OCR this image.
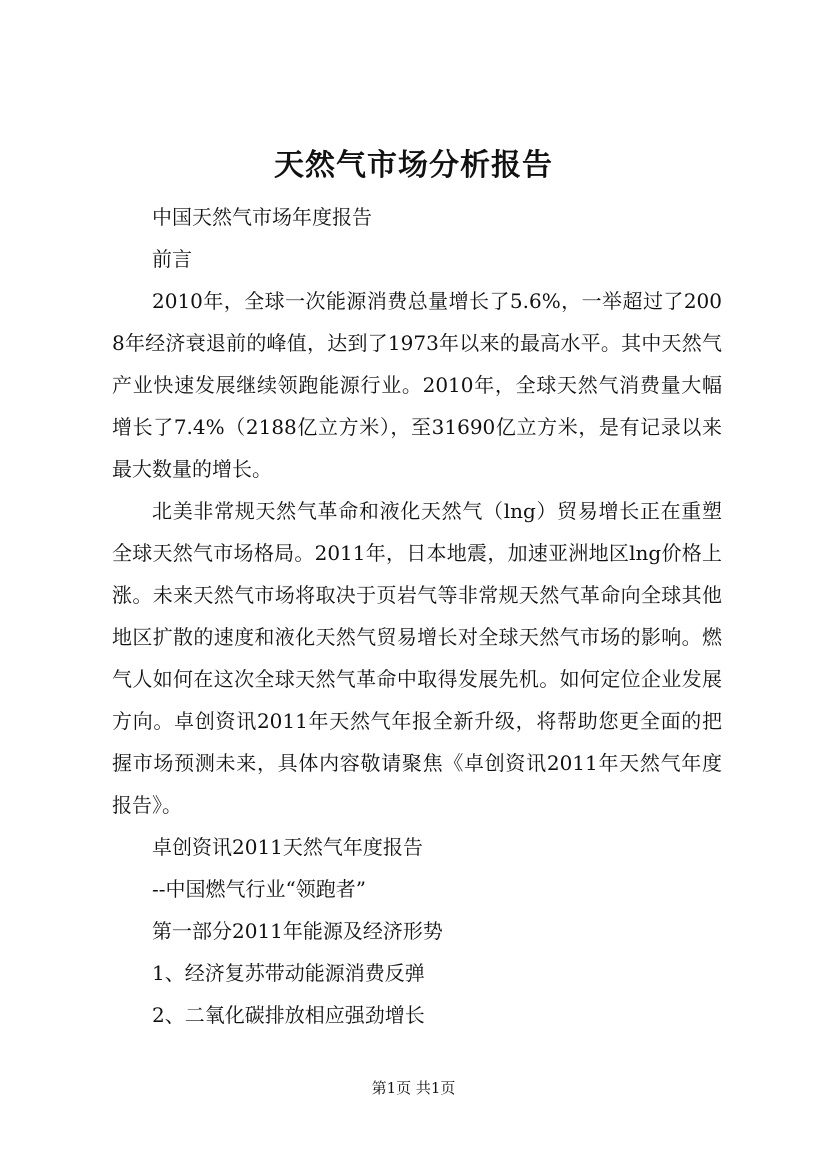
天然气市场分析报告

中国天然气市场年度报告

前言

2010年，全球一次能源消费总量增长了5.6%，一举超过了2008年经济衰退前的峰值，达到了1973年以来的最高水平。其中天然气产业快速发展继续领跑能源行业。2010年，全球天然气消费量大幅增长了7.4%（2188亿立方米），至31690亿立方米，是有记录以来最大数量的增长。

北美非常规天然气革命和液化天然气（lng）贸易增长正在重塑全球天然气市场格局。2011年，日本地震，加速亚洲地区lng价格上涨。未来天然气市场将取决于页岩气等非常规天然气革命向全球其他地区扩散的速度和液化天然气贸易增长对全球天然气市场的影响。燃气人如何在这次全球天然气革命中取得发展先机。如何定位企业发展方向。卓创资讯2011年天然气年报全新升级，将帮助您更全面的把握市场预测未来，具体内容敬请聚焦《卓创资讯2011年天然气年度报告》。

卓创资讯2011天然气年度报告

--中国燃气行业“领跑者”

第一部分2011年能源及经济形势

1、经济复苏带动能源消费反弹

2、二氧化碳排放相应强劲增长

第1页 共1页
